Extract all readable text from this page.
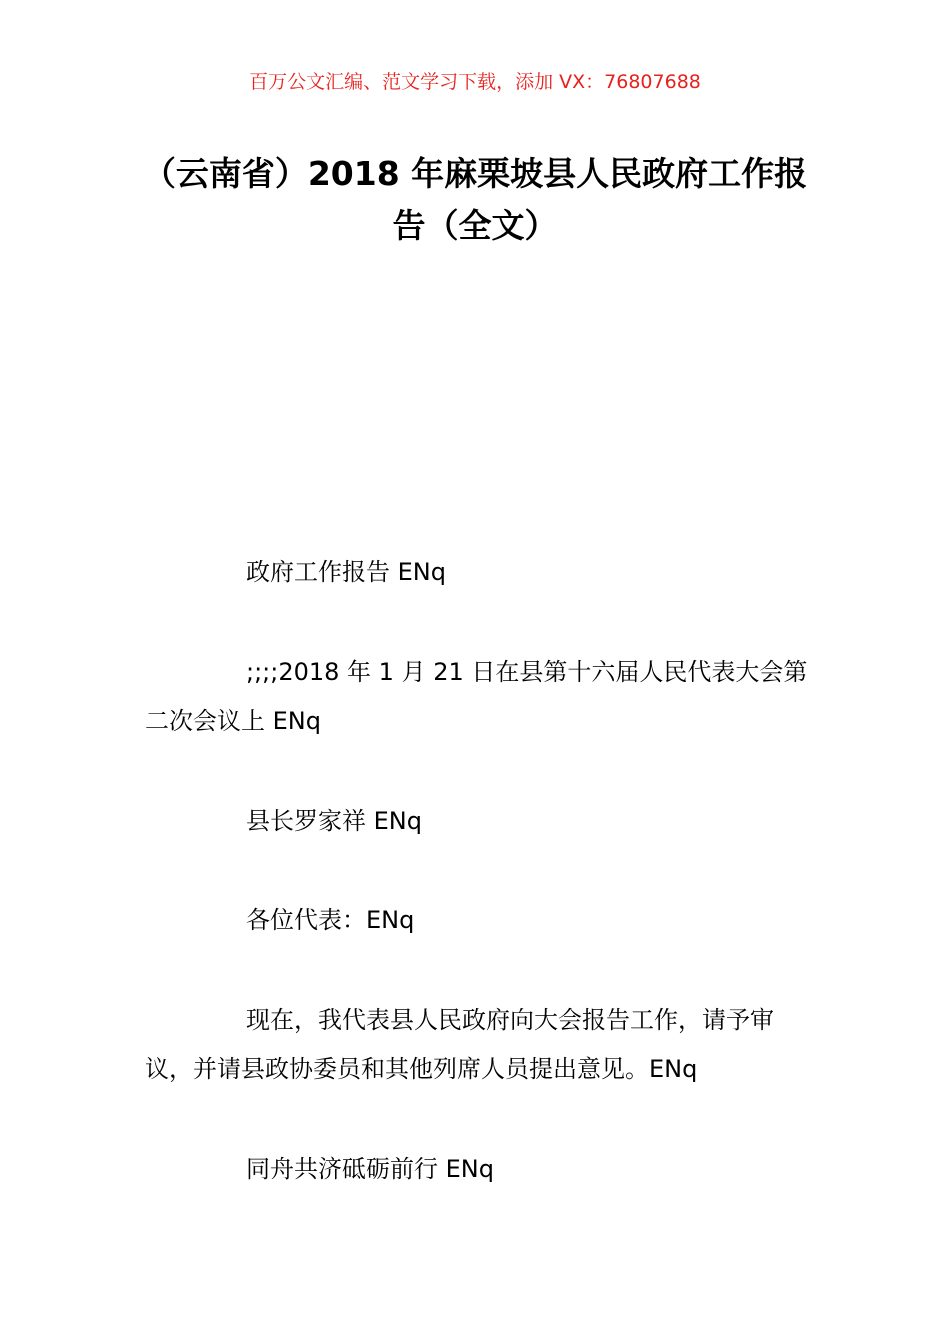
百万公文汇编、范文学习下载，添加 VX：76807688
（云南省）2018 年麻栗坡县人民政府工作报告（全文）

政府工作报告 ENq

;;;;2018 年 1 月 21 日在县第十六届人民代表大会第二次会议上 ENq

县长罗家祥 ENq

各位代表：ENq

现在，我代表县人民政府向大会报告工作，请予审议，并请县政协委员和其他列席人员提出意见。ENq

同舟共济砥砺前行 ENq
